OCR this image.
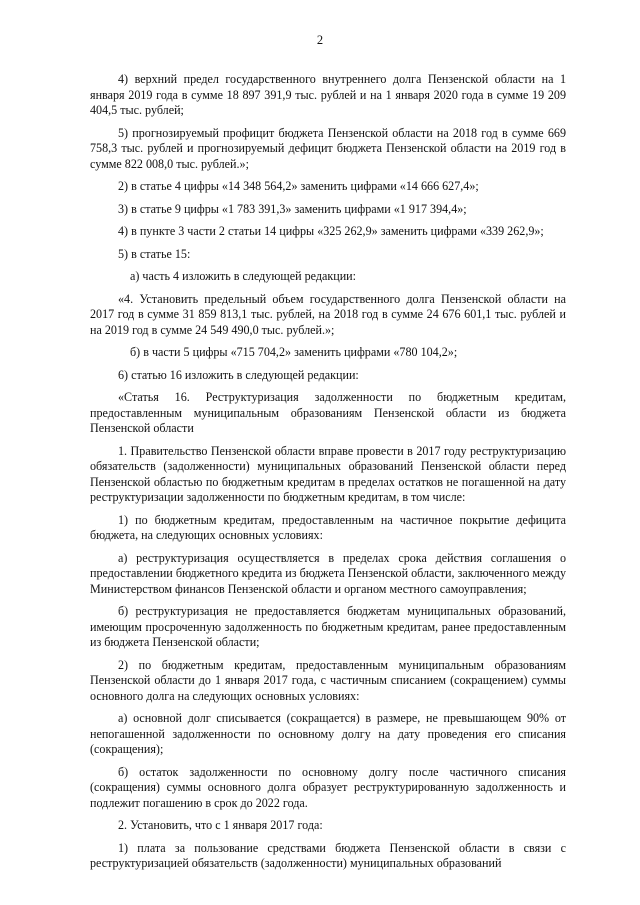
2

4) верхний предел государственного внутреннего долга Пензенской области на 1 января 2019 года в сумме 18 897 391,9 тыс. рублей и на 1 января 2020 года в сумме 19 209 404,5 тыс. рублей;

5) прогнозируемый профицит бюджета Пензенской области на 2018 год в сумме 669 758,3 тыс. рублей и прогнозируемый дефицит бюджета Пензенской области на 2019 год в сумме 822 008,0 тыс. рублей.»;

2) в статье 4 цифры «14 348 564,2» заменить цифрами «14 666 627,4»;

3) в статье 9 цифры «1 783 391,3» заменить цифрами «1 917 394,4»;

4) в пункте 3 части 2 статьи 14 цифры «325 262,9» заменить цифрами «339 262,9»;

5) в статье 15:

а) часть 4 изложить в следующей редакции:

«4. Установить предельный объем государственного долга Пензенской области на 2017 год в сумме 31 859 813,1 тыс. рублей, на 2018 год в сумме 24 676 601,1 тыс. рублей и на 2019 год в сумме 24 549 490,0 тыс. рублей.»;

б) в части 5 цифры «715 704,2» заменить цифрами «780 104,2»;

6) статью 16 изложить в следующей редакции:

«Статья 16. Реструктуризация задолженности по бюджетным кредитам, предоставленным муниципальным образованиям Пензенской области из бюджета Пензенской области

1. Правительство Пензенской области вправе провести в 2017 году реструктуризацию обязательств (задолженности) муниципальных образований Пензенской области перед Пензенской областью по бюджетным кредитам в пределах остатков не погашенной на дату реструктуризации задолженности по бюджетным кредитам, в том числе:

1) по бюджетным кредитам, предоставленным на частичное покрытие дефицита бюджета, на следующих основных условиях:

а) реструктуризация осуществляется в пределах срока действия соглашения о предоставлении бюджетного кредита из бюджета Пензенской области, заключенного между Министерством финансов Пензенской области и органом местного самоуправления;

б) реструктуризация не предоставляется бюджетам муниципальных образований, имеющим просроченную задолженность по бюджетным кредитам, ранее предоставленным из бюджета Пензенской области;

2) по бюджетным кредитам, предоставленным муниципальным образованиям Пензенской области до 1 января 2017 года, с частичным списанием (сокращением) суммы основного долга на следующих основных условиях:

а) основной долг списывается (сокращается) в размере, не превышающем 90% от непогашенной задолженности по основному долгу на дату проведения его списания (сокращения);

б) остаток задолженности по основному долгу после частичного списания (сокращения) суммы основного долга образует реструктурированную задолженность и подлежит погашению в срок до 2022 года.

2. Установить, что с 1 января 2017 года:

1) плата за пользование средствами бюджета Пензенской области в связи с реструктуризацией обязательств (задолженности) муниципальных образований
